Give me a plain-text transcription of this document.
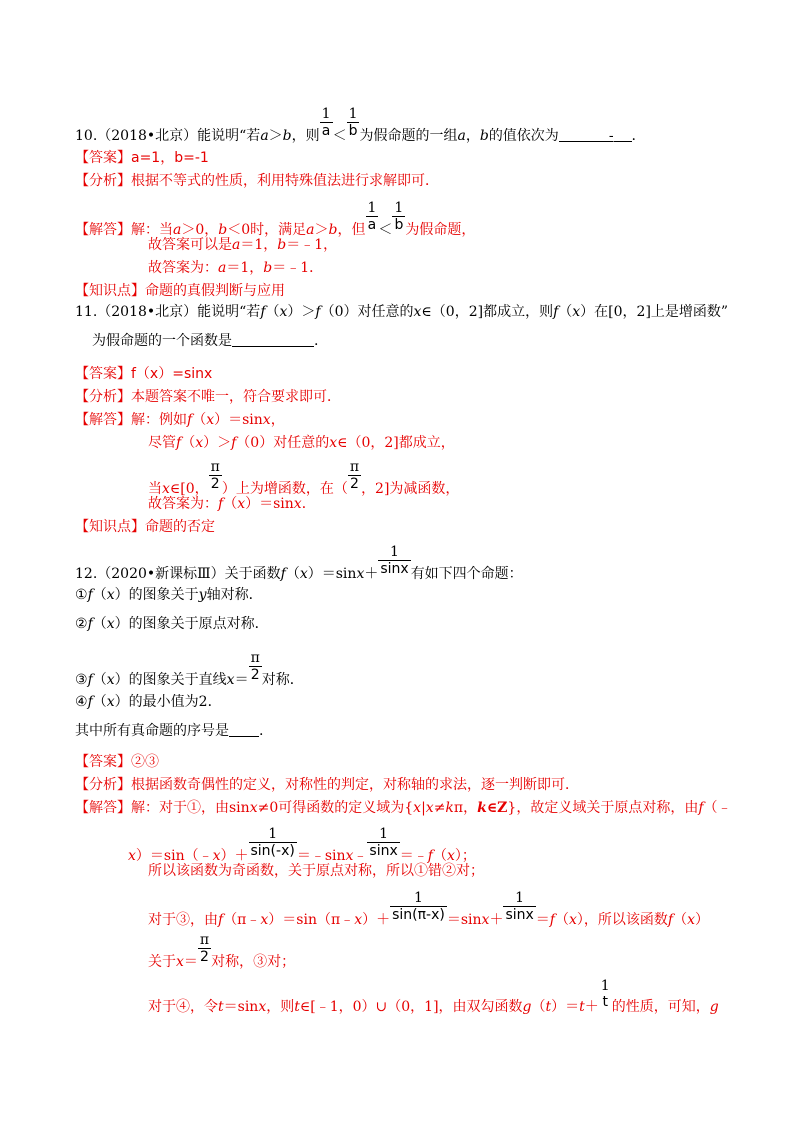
10.（2018•北京）能说明“若a＞b，则 $\frac{1}{a} < \frac{1}{b}$ 为假命题的一组a，b的值依次为	- .
【答案】a=1，b=-1
【分析】根据不等式的性质，利用特殊值法进行求解即可．
【解答】解：当a＞0，b＜0时，满足a＞b，但 $\frac{1}{a} < \frac{1}{b}$ 为假命题，
故答案可以是a＝1，b＝﹣1，
故答案为：a＝1，b＝﹣1．
【知识点】命题的真假判断与应用
11.（2018•北京）能说明“若f（x）＞f（0）对任意的x∈（0，2]都成立，则f（x）在[0，2]上是增函数”
为假命题的一个函数是	.
【答案】f（x）=sinx
【分析】本题答案不唯一，符合要求即可．
【解答】解：例如f（x）＝sinx，
尽管f（x）＞f（0）对任意的x∈（0，2]都成立，
当x∈[0， $\frac{\pi}{2}$ ）上为增函数，在（ $\frac{\pi}{2}$ ，2]为减函数，
故答案为：f（x）＝sinx．
【知识点】命题的否定
12.（2020•新课标Ⅲ）关于函数$f(x)=\sin x+ \frac{1}{\sin x}$ 有如下四个命题：
①f（x）的图象关于y轴对称．
②f（x）的图象关于原点对称．
③f（x）的图象关于直线$x= \frac{\pi}{2}$ 对称．
④f（x）的最小值为2．
其中所有真命题的序号是 .
【答案】②③
【分析】根据函数奇偶性的定义，对称性的判定，对称轴的求法，逐一判断即可．
【解答】解：对于①，由sinx≠0可得函数的定义域为{x|x≠kπ，k∈Z}，故定义域关于原点对称，由f（﹣
x）＝sin（﹣x）＋ $\frac{1}{\sin(-x)}$ ＝﹣sinx﹣ $\frac{1}{\sin x}$ ＝﹣f（x）；
所以该函数为奇函数，关于原点对称，所以①错②对；
对于③，由f（π﹣x）＝sin（π﹣x）＋ $\frac{1}{\sin(\pi-x)} =\sin x+ \frac{1}{\sin x} =f(x)$，所以该函数f（x）
关于$x= \frac{\pi}{2}$ 对称，③对；
对于④，令t＝sinx，则t∈[﹣1，0）∪（0，1]，由双勾函数g（t）＝t＋
1
t 的性质，可知，g
